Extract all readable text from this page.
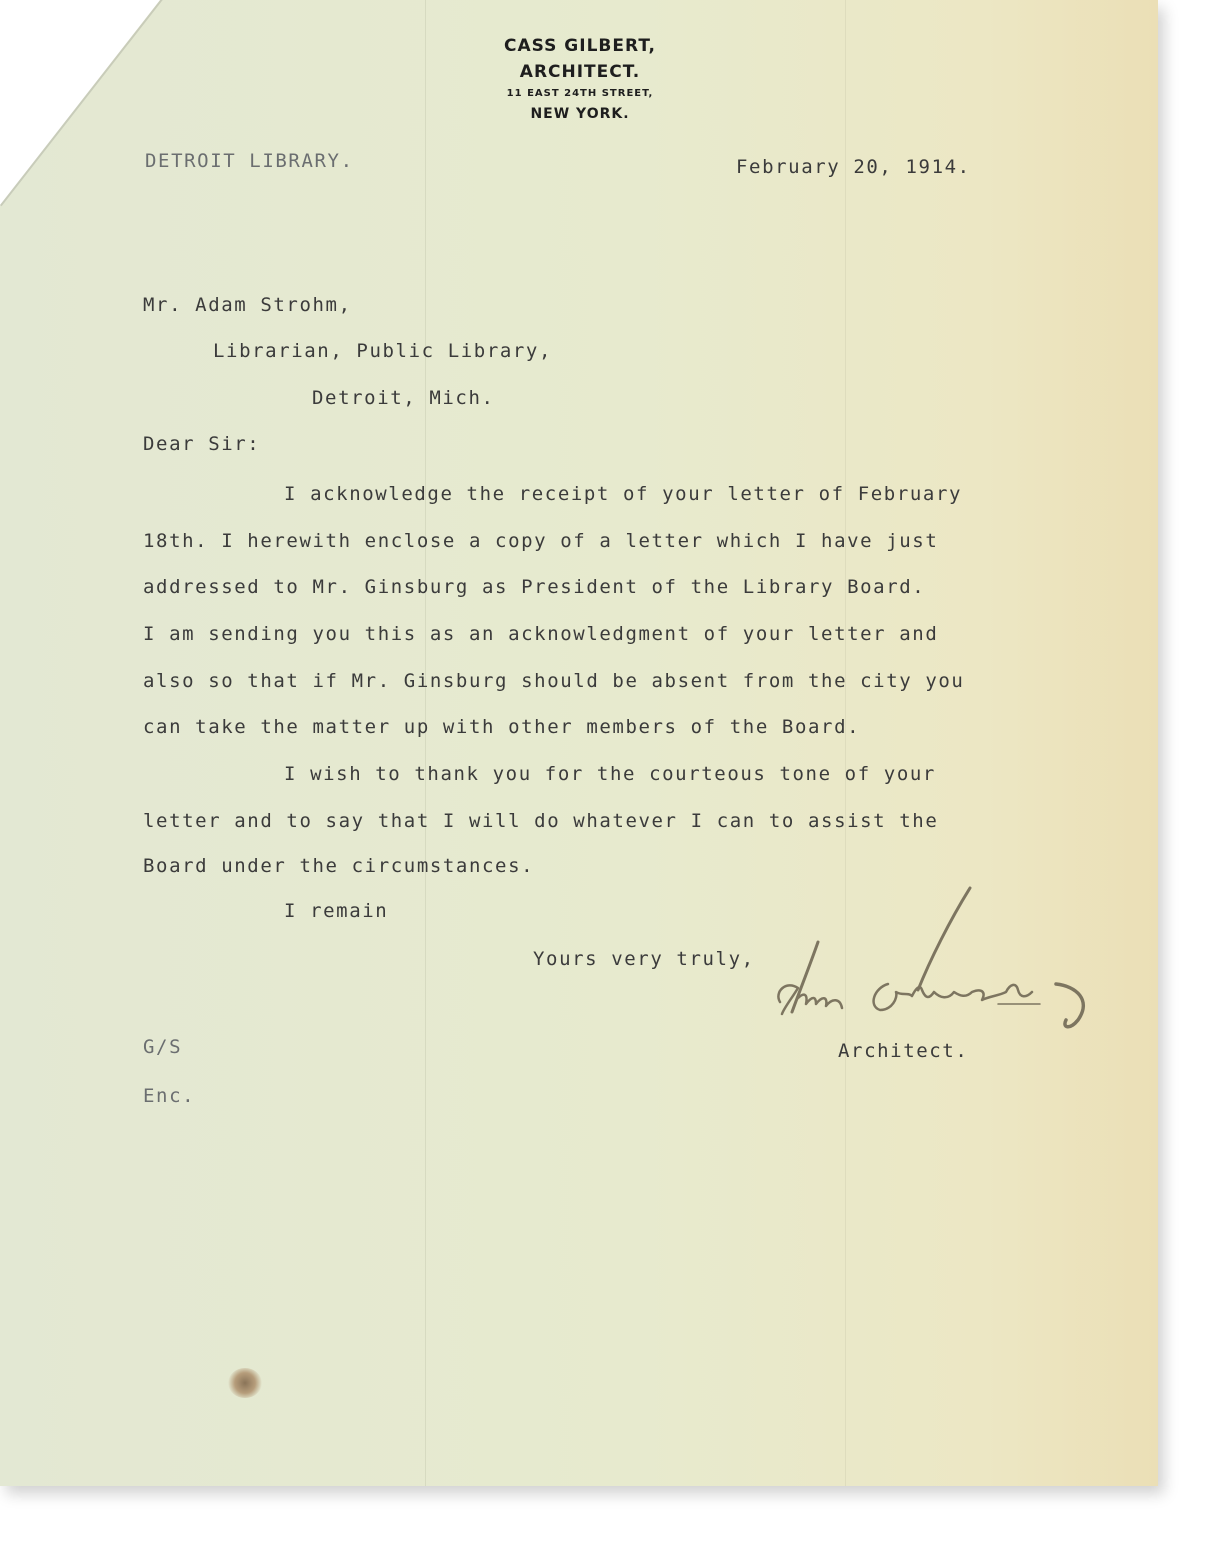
CASS GILBERT,
ARCHITECT.
11 EAST 24TH STREET,
NEW YORK.
DETROIT LIBRARY.	February 20, 1914.
Mr. Adam Strohm,
Librarian, Public Library,
Detroit, Mich.
Dear Sir:
I acknowledge the receipt of your letter of February
18th. I herewith enclose a copy of a letter which I have just
addressed to Mr. Ginsburg as President of the Library Board.
I am sending you this as an acknowledgment of your letter and
also so that if Mr. Ginsburg should be absent from the city you
can take the matter up with other members of the Board.
I wish to thank you for the courteous tone of your
letter and to say that I will do whatever I can to assist the
Board under the circumstances.
I remain
Yours very truly,
Architect.
G/S
Enc.
